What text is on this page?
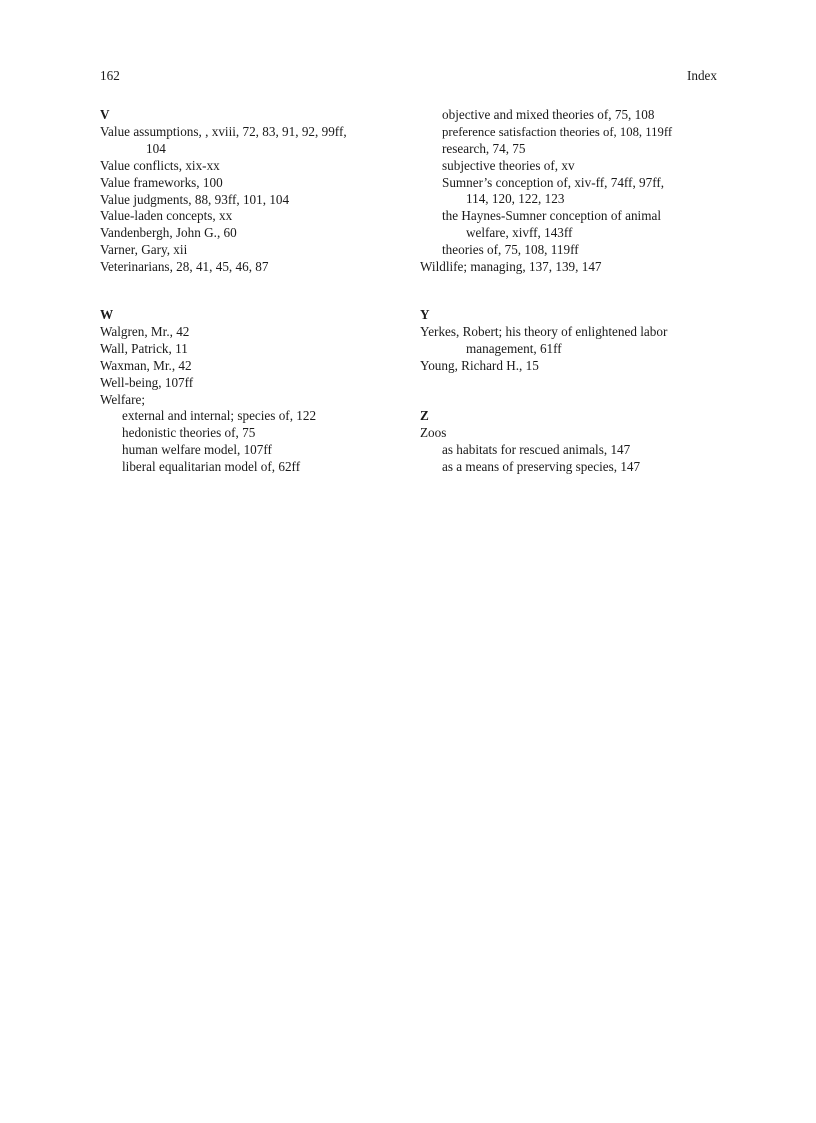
162	Index
V
Value assumptions, , xviii, 72, 83, 91, 92, 99ff,
104
Value conflicts, xix-xx
Value frameworks, 100
Value judgments, 88, 93ff, 101, 104
Value-laden concepts, xx
Vandenbergh, John G., 60
Varner, Gary, xii
Veterinarians, 28, 41, 45, 46, 87
objective and mixed theories of, 75, 108
preference satisfaction theories of, 108, 119ff
research, 74, 75
subjective theories of, xv
Sumner’s conception of, xiv-ff, 74ff, 97ff,
114, 120, 122, 123
the Haynes-Sumner conception of animal
welfare, xivff, 143ff
theories of, 75, 108, 119ff
Wildlife; managing, 137, 139, 147
W
Walgren, Mr., 42
Wall, Patrick, 11
Waxman, Mr., 42
Well-being, 107ff
Welfare;
external and internal; species of, 122
hedonistic theories of, 75
human welfare model, 107ff
liberal equalitarian model of, 62ff
Y
Yerkes, Robert; his theory of enlightened labor
management, 61ff
Young, Richard H., 15
Z
Zoos
as habitats for rescued animals, 147
as a means of preserving species, 147
